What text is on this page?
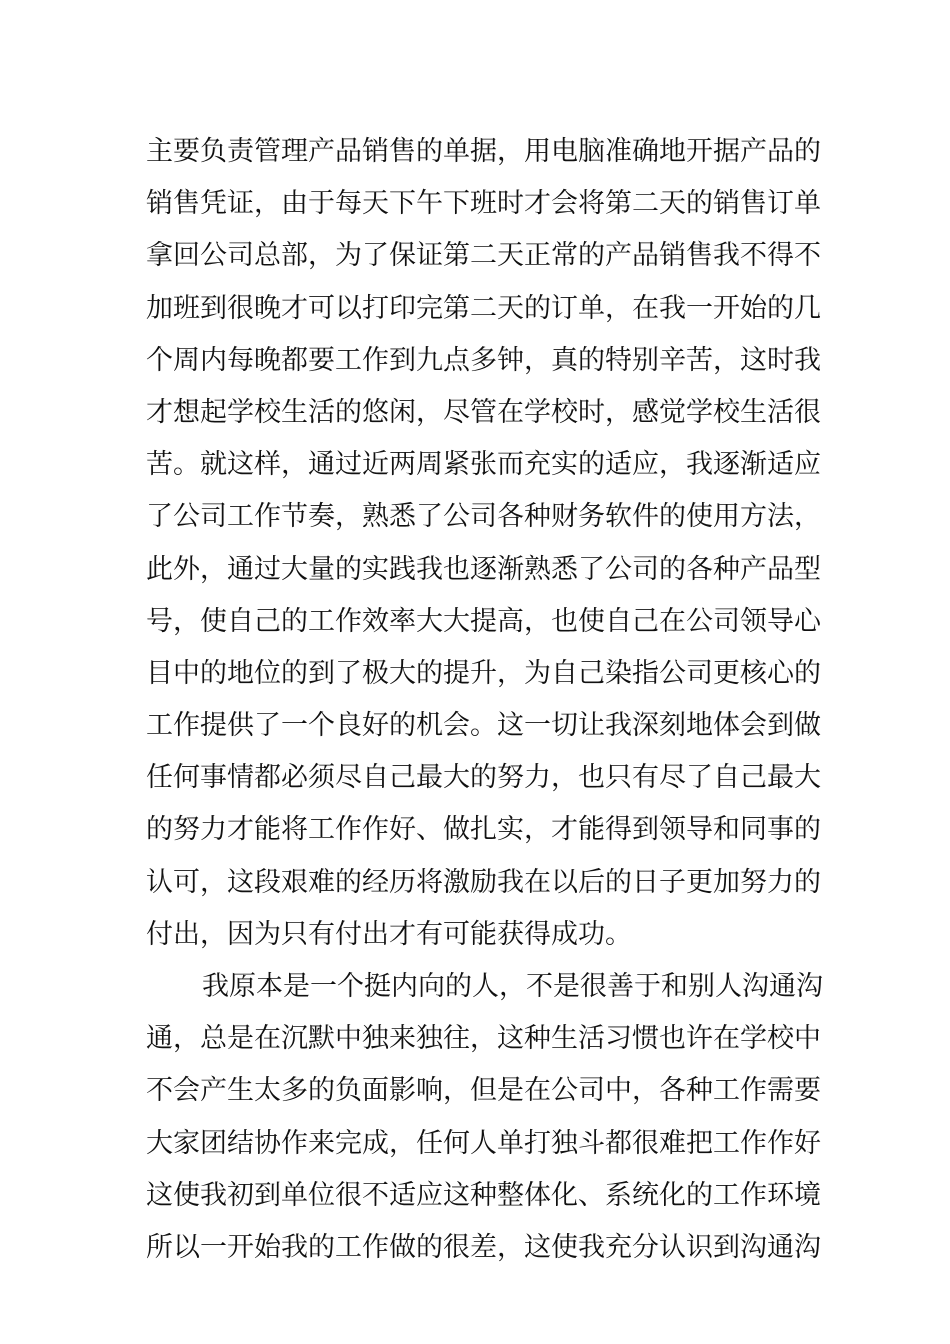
主要负责管理产品销售的单据，用电脑准确地开据产品的
销售凭证，由于每天下午下班时才会将第二天的销售订单
拿回公司总部，为了保证第二天正常的产品销售我不得不
加班到很晚才可以打印完第二天的订单，在我一开始的几
个周内每晚都要工作到九点多钟，真的特别辛苦，这时我
才想起学校生活的悠闲，尽管在学校时，感觉学校生活很
苦。就这样，通过近两周紧张而充实的适应，我逐渐适应
了公司工作节奏，熟悉了公司各种财务软件的使用方法，
此外，通过大量的实践我也逐渐熟悉了公司的各种产品型
号，使自己的工作效率大大提高，也使自己在公司领导心
目中的地位的到了极大的提升，为自己染指公司更核心的
工作提供了一个良好的机会。这一切让我深刻地体会到做
任何事情都必须尽自己最大的努力，也只有尽了自己最大
的努力才能将工作作好、做扎实，才能得到领导和同事的
认可，这段艰难的经历将激励我在以后的日子更加努力的
付出，因为只有付出才有可能获得成功。
我原本是一个挺内向的人，不是很善于和别人沟通沟
通，总是在沉默中独来独往，这种生活习惯也许在学校中
不会产生太多的负面影响，但是在公司中，各种工作需要
大家团结协作来完成，任何人单打独斗都很难把工作作好
这使我初到单位很不适应这种整体化、系统化的工作环境
所以一开始我的工作做的很差，这使我充分认识到沟通沟
